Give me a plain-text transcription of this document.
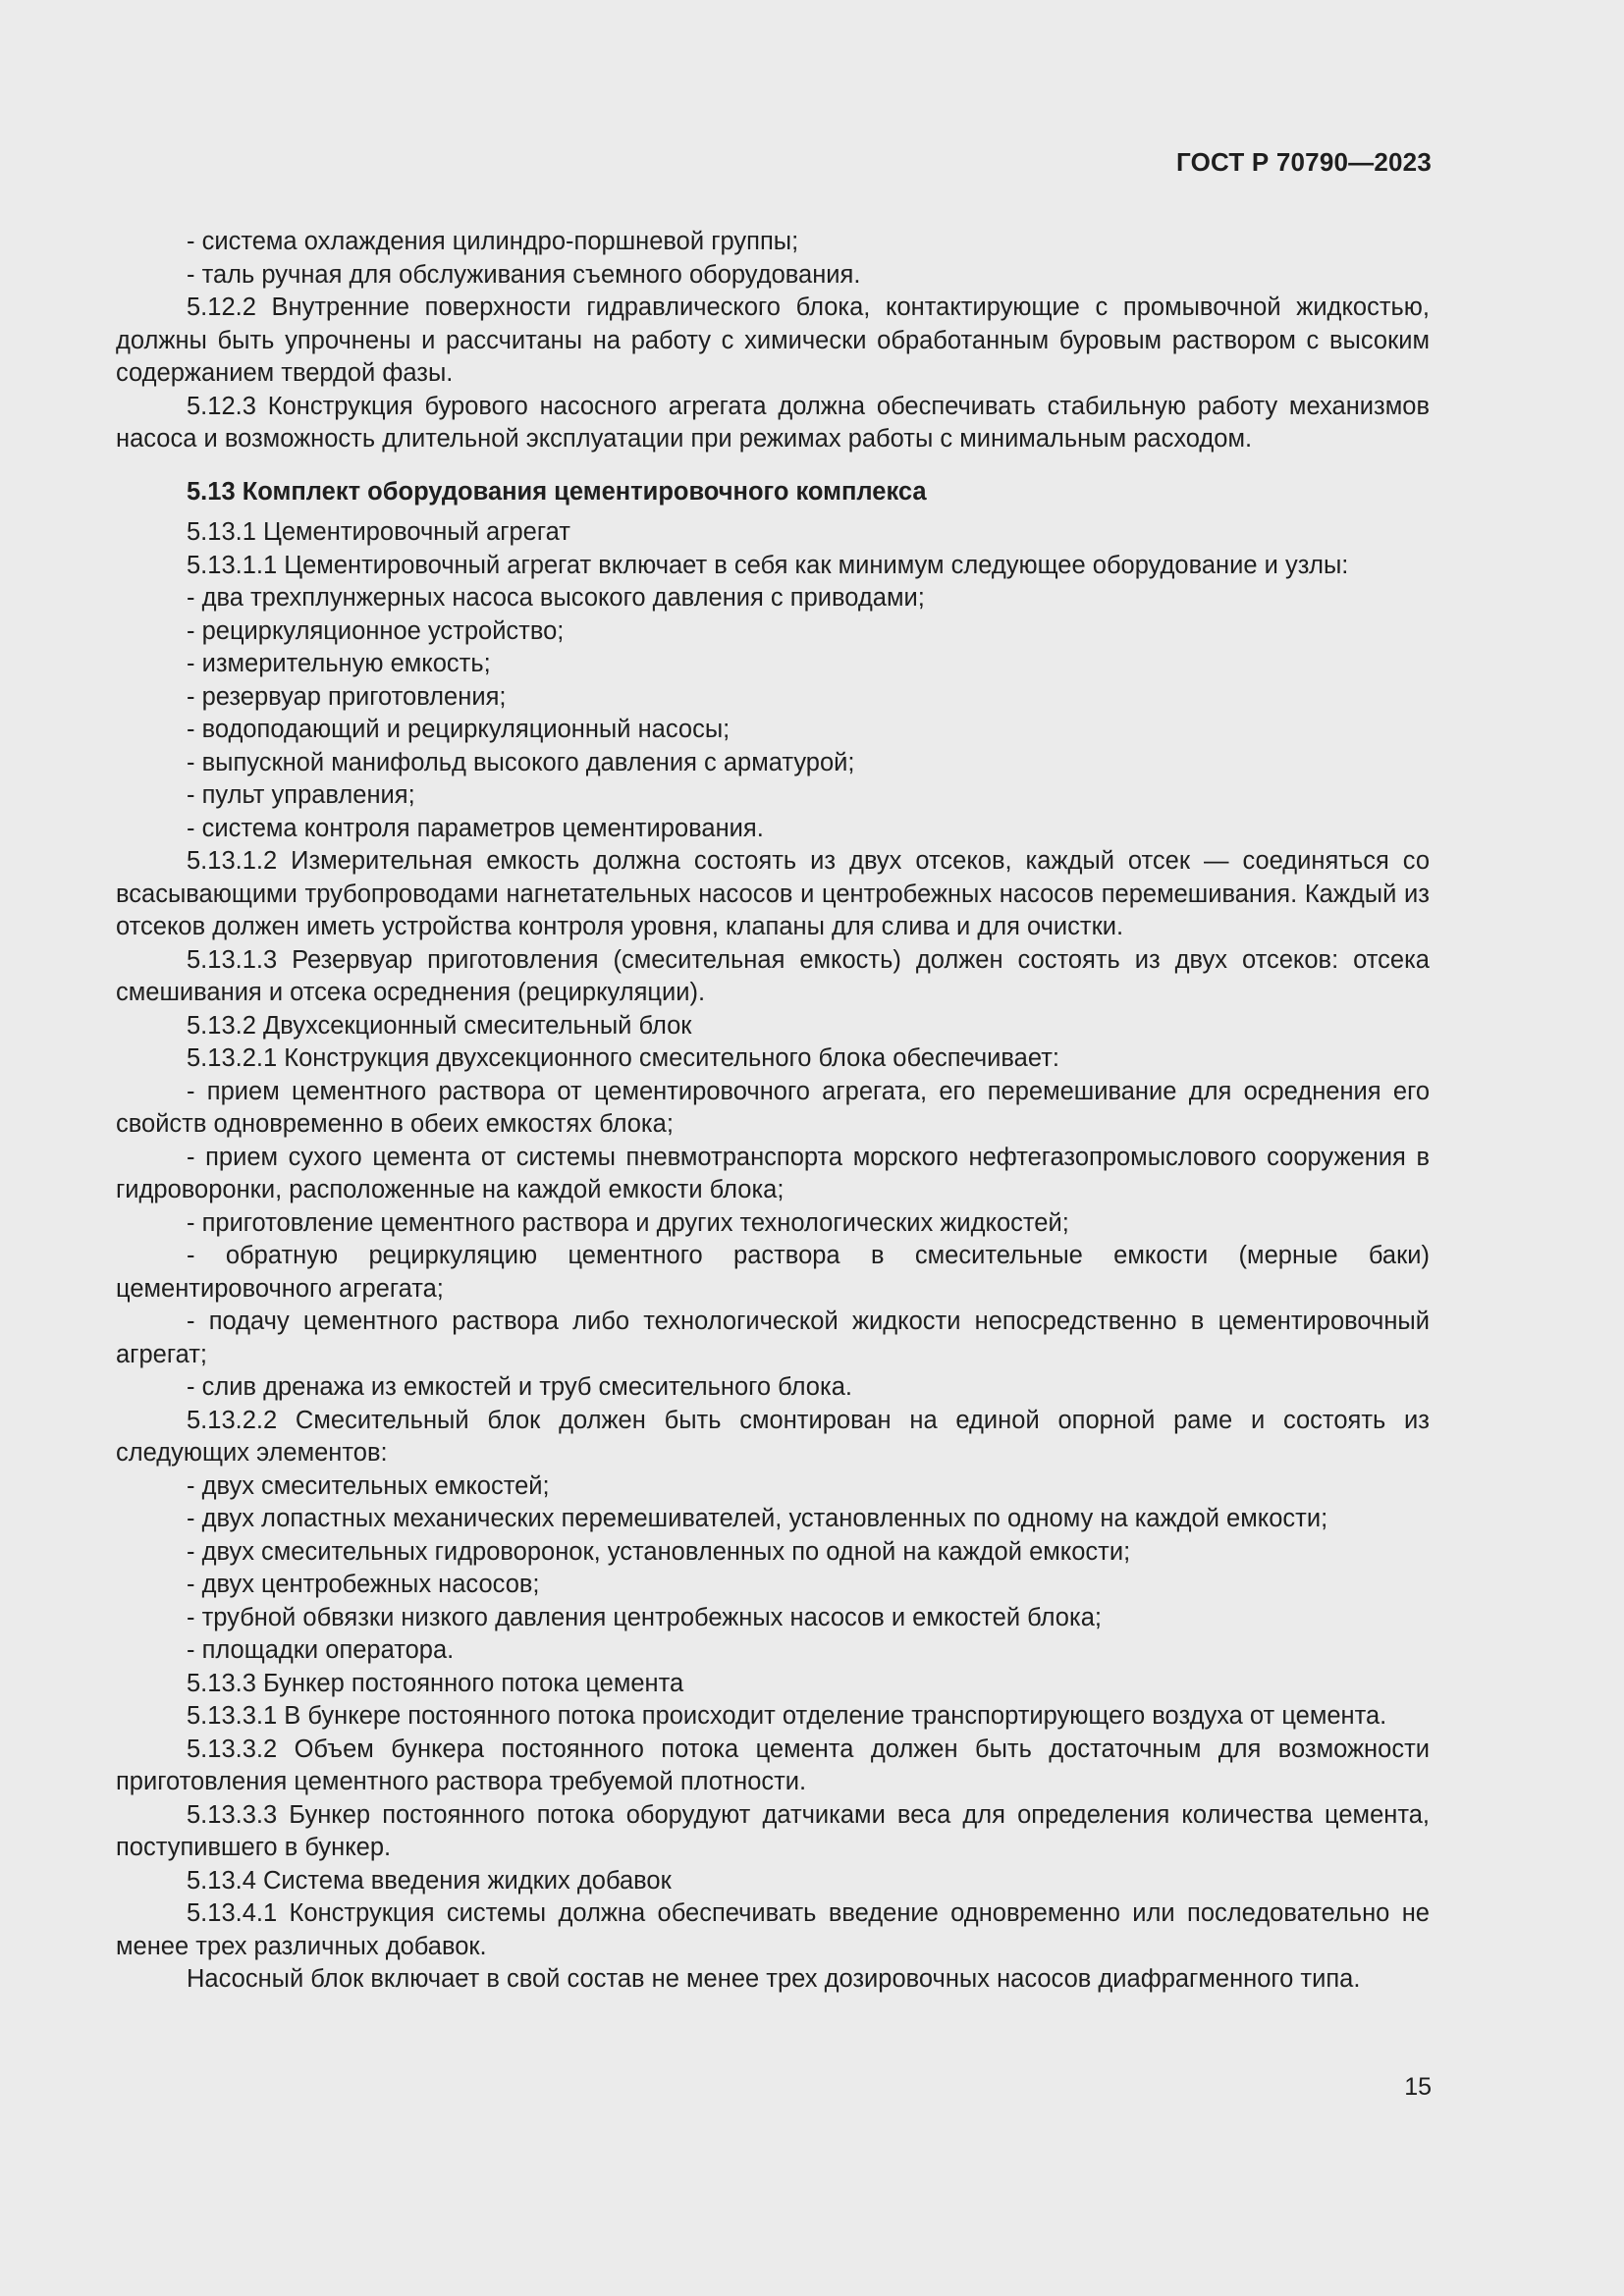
ГОСТ Р 70790—2023

- система охлаждения цилиндро-поршневой группы;

- таль ручная для обслуживания съемного оборудования.

5.12.2 Внутренние поверхности гидравлического блока, контактирующие с промывочной жидкостью, должны быть упрочнены и рассчитаны на работу с химически обработанным буровым раствором с высоким содержанием твердой фазы.

5.12.3 Конструкция бурового насосного агрегата должна обеспечивать стабильную работу механизмов насоса и возможность длительной эксплуатации при режимах работы с минимальным расходом.

5.13 Комплект оборудования цементировочного комплекса

5.13.1 Цементировочный агрегат

5.13.1.1 Цементировочный агрегат включает в себя как минимум следующее оборудование и узлы:

- два трехплунжерных насоса высокого давления с приводами;

- рециркуляционное устройство;

- измерительную емкость;

- резервуар приготовления;

- водоподающий и рециркуляционный насосы;

- выпускной манифольд высокого давления с арматурой;

- пульт управления;

- система контроля параметров цементирования.

5.13.1.2 Измерительная емкость должна состоять из двух отсеков, каждый отсек — соединяться со всасывающими трубопроводами нагнетательных насосов и центробежных насосов перемешивания. Каждый из отсеков должен иметь устройства контроля уровня, клапаны для слива и для очистки.

5.13.1.3 Резервуар приготовления (смесительная емкость) должен состоять из двух отсеков: отсека смешивания и отсека осреднения (рециркуляции).

5.13.2 Двухсекционный смесительный блок

5.13.2.1 Конструкция двухсекционного смесительного блока обеспечивает:

- прием цементного раствора от цементировочного агрегата, его перемешивание для осреднения его свойств одновременно в обеих емкостях блока;

- прием сухого цемента от системы пневмотранспорта морского нефтегазопромыслового сооружения в гидроворонки, расположенные на каждой емкости блока;

- приготовление цементного раствора и других технологических жидкостей;

- обратную рециркуляцию цементного раствора в смесительные емкости (мерные баки) цементировочного агрегата;

- подачу цементного раствора либо технологической жидкости непосредственно в цементировочный агрегат;

- слив дренажа из емкостей и труб смесительного блока.

5.13.2.2 Смесительный блок должен быть смонтирован на единой опорной раме и состоять из следующих элементов:

- двух смесительных емкостей;

- двух лопастных механических перемешивателей, установленных по одному на каждой емкости;

- двух смесительных гидроворонок, установленных по одной на каждой емкости;

- двух центробежных насосов;

- трубной обвязки низкого давления центробежных насосов и емкостей блока;

- площадки оператора.

5.13.3 Бункер постоянного потока цемента

5.13.3.1 В бункере постоянного потока происходит отделение транспортирующего воздуха от цемента.

5.13.3.2 Объем бункера постоянного потока цемента должен быть достаточным для возможности приготовления цементного раствора требуемой плотности.

5.13.3.3 Бункер постоянного потока оборудуют датчиками веса для определения количества цемента, поступившего в бункер.

5.13.4 Система введения жидких добавок

5.13.4.1 Конструкция системы должна обеспечивать введение одновременно или последовательно не менее трех различных добавок.

Насосный блок включает в свой состав не менее трех дозировочных насосов диафрагменного типа.

15
